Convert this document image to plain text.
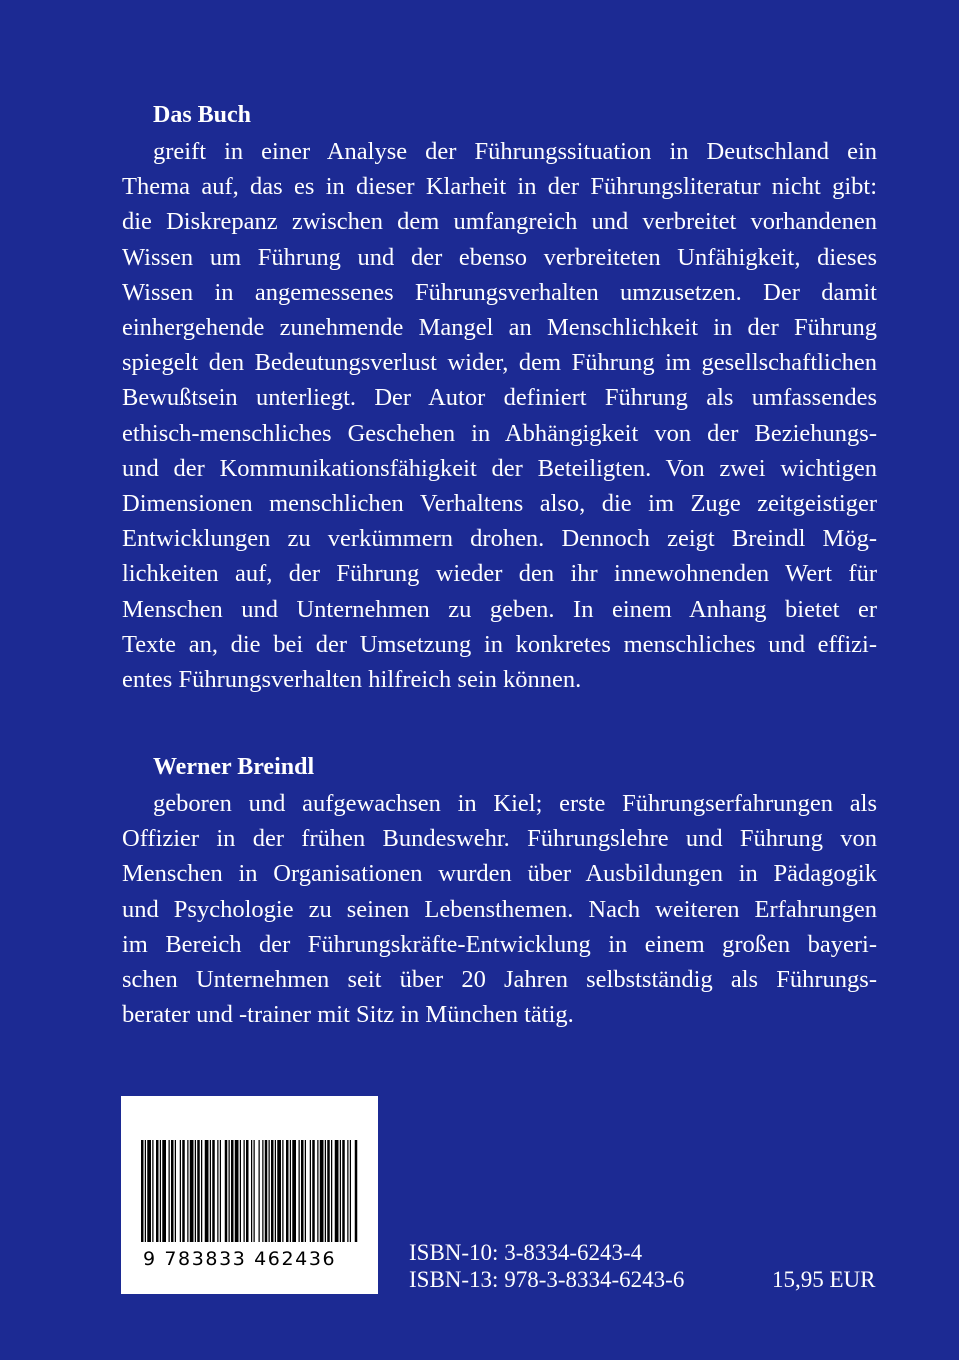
Das Buch

greift in einer Analyse der Führungssituation in Deutschland ein
Thema auf, das es in dieser Klarheit in der Führungsliteratur nicht gibt:
die Diskrepanz zwischen dem umfangreich und verbreitet vorhandenen
Wissen um Führung und der ebenso verbreiteten Unfähigkeit, dieses
Wissen in angemessenes Führungsverhalten umzusetzen. Der damit
einhergehende zunehmende Mangel an Menschlichkeit in der Führung
spiegelt den Bedeutungsverlust wider, dem Führung im gesellschaftlichen
Bewußtsein unterliegt. Der Autor definiert Führung als umfassendes
ethisch-menschliches Geschehen in Abhängigkeit von der Beziehungs-
und der Kommunikationsfähigkeit der Beteiligten. Von zwei wichtigen
Dimensionen menschlichen Verhaltens also, die im Zuge zeitgeistiger
Entwicklungen zu verkümmern drohen. Dennoch zeigt Breindl Mög-
lichkeiten auf, der Führung wieder den ihr innewohnenden Wert für
Menschen und Unternehmen zu geben. In einem Anhang bietet er
Texte an, die bei der Umsetzung in konkretes menschliches und effizi-
entes Führungsverhalten hilfreich sein können.

Werner Breindl

geboren und aufgewachsen in Kiel; erste Führungserfahrungen als
Offizier in der frühen Bundeswehr. Führungslehre und Führung von
Menschen in Organisationen wurden über Ausbildungen in Pädagogik
und Psychologie zu seinen Lebensthemen. Nach weiteren Erfahrungen
im Bereich der Führungskräfte-Entwicklung in einem großen bayeri-
schen Unternehmen seit über 20 Jahren selbstständig als Führungs-
berater und -trainer mit Sitz in München tätig.

9 783833 462436	ISBN-10: 3-8334-6243-4
ISBN-13: 978-3-8334-6243-6	15,95 EUR
